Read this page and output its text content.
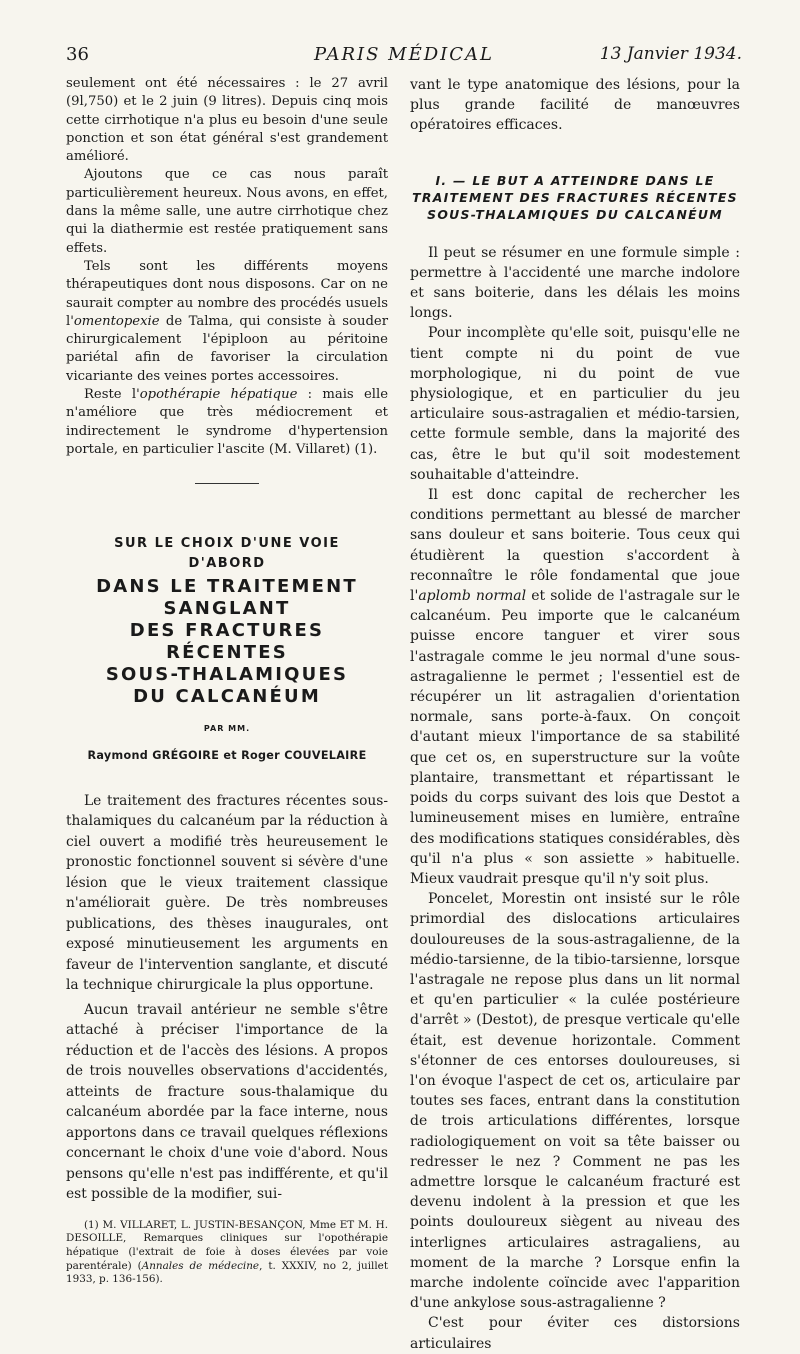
36	PARIS MÉDICAL	13 Janvier 1934.

seulement ont été nécessaires : le 27 avril (9l,750) et le 2 juin (9 litres). Depuis cinq mois cette cirrhotique n'a plus eu besoin d'une seule ponction et son état général s'est grandement amélioré.

Ajoutons que ce cas nous paraît particulièrement heureux. Nous avons, en effet, dans la même salle, une autre cirrhotique chez qui la diathermie est restée pratiquement sans effets.

Tels sont les différents moyens thérapeutiques dont nous disposons. Car on ne saurait compter au nombre des procédés usuels l'omentopexie de Talma, qui consiste à souder chirurgicalement l'épiploon au péritoine pariétal afin de favoriser la circulation vicariante des veines portes accessoires.

Reste l'opothérapie hépatique : mais elle n'améliore que très médiocrement et indirectement le syndrome d'hypertension portale, en particulier l'ascite (M. Villaret) (1).

SUR LE CHOIX D'UNE VOIE
D'ABORD
DANS LE TRAITEMENT
SANGLANT
DES FRACTURES RÉCENTES
SOUS-THALAMIQUES
DU CALCANÉUM
PAR MM.
Raymond GRÉGOIRE et Roger COUVELAIRE

Le traitement des fractures récentes sous-thalamiques du calcanéum par la réduction à ciel ouvert a modifié très heureusement le pronostic fonctionnel souvent si sévère d'une lésion que le vieux traitement classique n'améliorait guère. De très nombreuses publications, des thèses inaugurales, ont exposé minutieusement les arguments en faveur de l'intervention sanglante, et discuté la technique chirurgicale la plus opportune.

Aucun travail antérieur ne semble s'être attaché à préciser l'importance de la réduction et de l'accès des lésions. A propos de trois nouvelles observations d'accidentés, atteints de fracture sous-thalamique du calcanéum abordée par la face interne, nous apportons dans ce travail quelques réflexions concernant le choix d'une voie d'abord. Nous pensons qu'elle n'est pas indifférente, et qu'il est possible de la modifier, sui-

(1) M. VILLARET, L. JUSTIN-BESANÇON, Mme ET M. H. DESOILLE, Remarques cliniques sur l'opothérapie hépatique (l'extrait de foie à doses élevées par voie parentérale) (Annales de médecine, t. XXXIV, no 2, juillet 1933, p. 136-156).

vant le type anatomique des lésions, pour la plus grande facilité de manœuvres opératoires efficaces.

I. — LE BUT A ATTEINDRE DANS LE
TRAITEMENT DES FRACTURES RÉCENTES
SOUS-THALAMIQUES DU CALCANÉUM

Il peut se résumer en une formule simple : permettre à l'accidenté une marche indolore et sans boiterie, dans les délais les moins longs.

Pour incomplète qu'elle soit, puisqu'elle ne tient compte ni du point de vue morphologique, ni du point de vue physiologique, et en particulier du jeu articulaire sous-astragalien et médio-tarsien, cette formule semble, dans la majorité des cas, être le but qu'il soit modestement souhaitable d'atteindre.

Il est donc capital de rechercher les conditions permettant au blessé de marcher sans douleur et sans boiterie. Tous ceux qui étudièrent la question s'accordent à reconnaître le rôle fondamental que joue l'aplomb normal et solide de l'astragale sur le calcanéum. Peu importe que le calcanéum puisse encore tanguer et virer sous l'astragale comme le jeu normal d'une sous-astragalienne le permet ; l'essentiel est de récupérer un lit astragalien d'orientation normale, sans porte-à-faux. On conçoit d'autant mieux l'importance de sa stabilité que cet os, en superstructure sur la voûte plantaire, transmettant et répartissant le poids du corps suivant des lois que Destot a lumineusement mises en lumière, entraîne des modifications statiques considérables, dès qu'il n'a plus « son assiette » habituelle. Mieux vaudrait presque qu'il n'y soit plus.

Poncelet, Morestin ont insisté sur le rôle primordial des dislocations articulaires douloureuses de la sous-astragalienne, de la médio-tarsienne, de la tibio-tarsienne, lorsque l'astragale ne repose plus dans un lit normal et qu'en particulier « la culée postérieure d'arrêt » (Destot), de presque verticale qu'elle était, est devenue horizontale. Comment s'étonner de ces entorses douloureuses, si l'on évoque l'aspect de cet os, articulaire par toutes ses faces, entrant dans la constitution de trois articulations différentes, lorsque radiologiquement on voit sa tête baisser ou redresser le nez ? Comment ne pas les admettre lorsque le calcanéum fracturé est devenu indolent à la pression et que les points douloureux siègent au niveau des interlignes articulaires astragaliens, au moment de la marche ? Lorsque enfin la marche indolente coïncide avec l'apparition d'une ankylose sous-astragalienne ?

C'est pour éviter ces distorsions articulaires
